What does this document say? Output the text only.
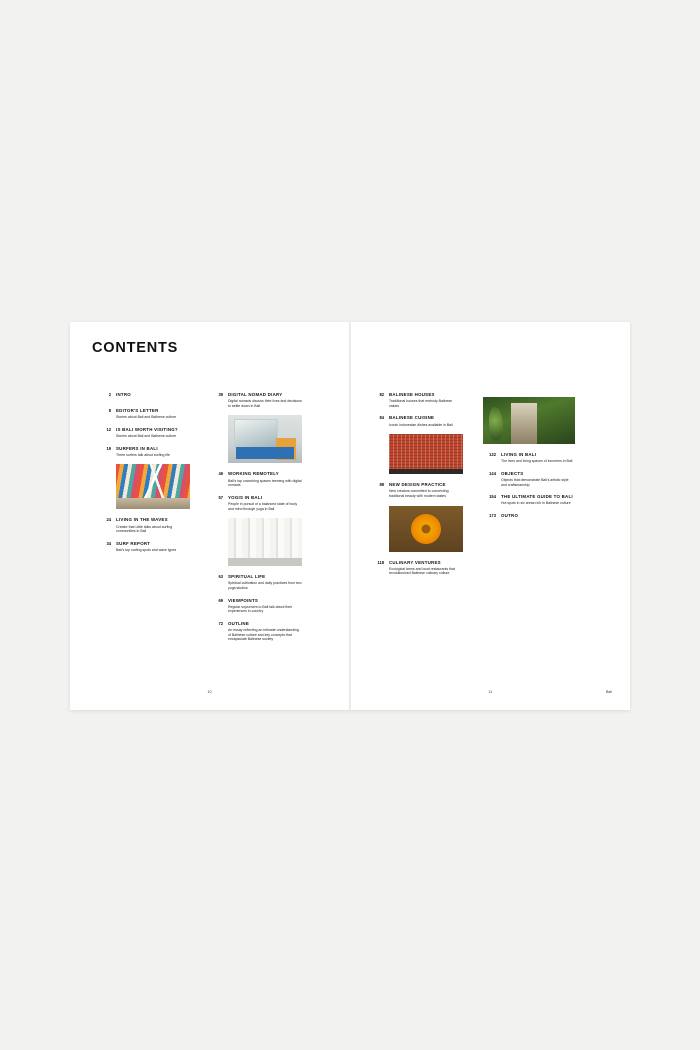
CONTENTS
2 INTRO
8 EDITOR'S LETTER
Stories about Bali and Balinese culture
12 IS BALI WORTH VISITING?
Stories about Bali and Balinese culture
19 SURFERS IN BALI
Three surfers talk about surfing life
24 LIVING IN THE WAVES
Creator that Little talks about surfing communities in Bali
34 SURF REPORT
Bali's top surfing spots and wave types
39 DIGITAL NOMAD DIARY
Digital nomads discuss their lives and decisions to settle down in Bali
46 WORKING REMOTELY
Bali's top coworking spaces teeming with digital nomads
57 YOGIS IN BALI
People in pursuit of a balanced state of body and mind through yoga in Bali
63 SPIRITUAL LIFE
Spiritual cultivation and daily practices from two yoga studios
69 VIEWPOINTS
Regular sojourners to Bali talk about their experiences in-country
72 OUTLINE
An essay reflecting an intimate understanding of Balinese culture and key concepts that encapsulate Balinese society
10
82 BALINESE HOUSES
Traditional houses that embody Balinese values
84 BALINESE CUISINE
Iconic Indonesian dishes available in Bali
88 NEW DESIGN PRACTICE
New creators committed to connecting traditional beauty with modern tastes
118 CULINARY VENTURES
Ecological farms and local restaurants that revolutionized Balinese culinary culture
132 LIVING IN BALI
The lives and living spaces of incomers in Bali
144 OBJECTS
Objects that demonstrate Bali's artistic style and craftsmanship
154 THE ULTIMATE GUIDE TO BALI
Hot spots in six areas rich in Balinese culture
173 OUTRO
11	Bali
